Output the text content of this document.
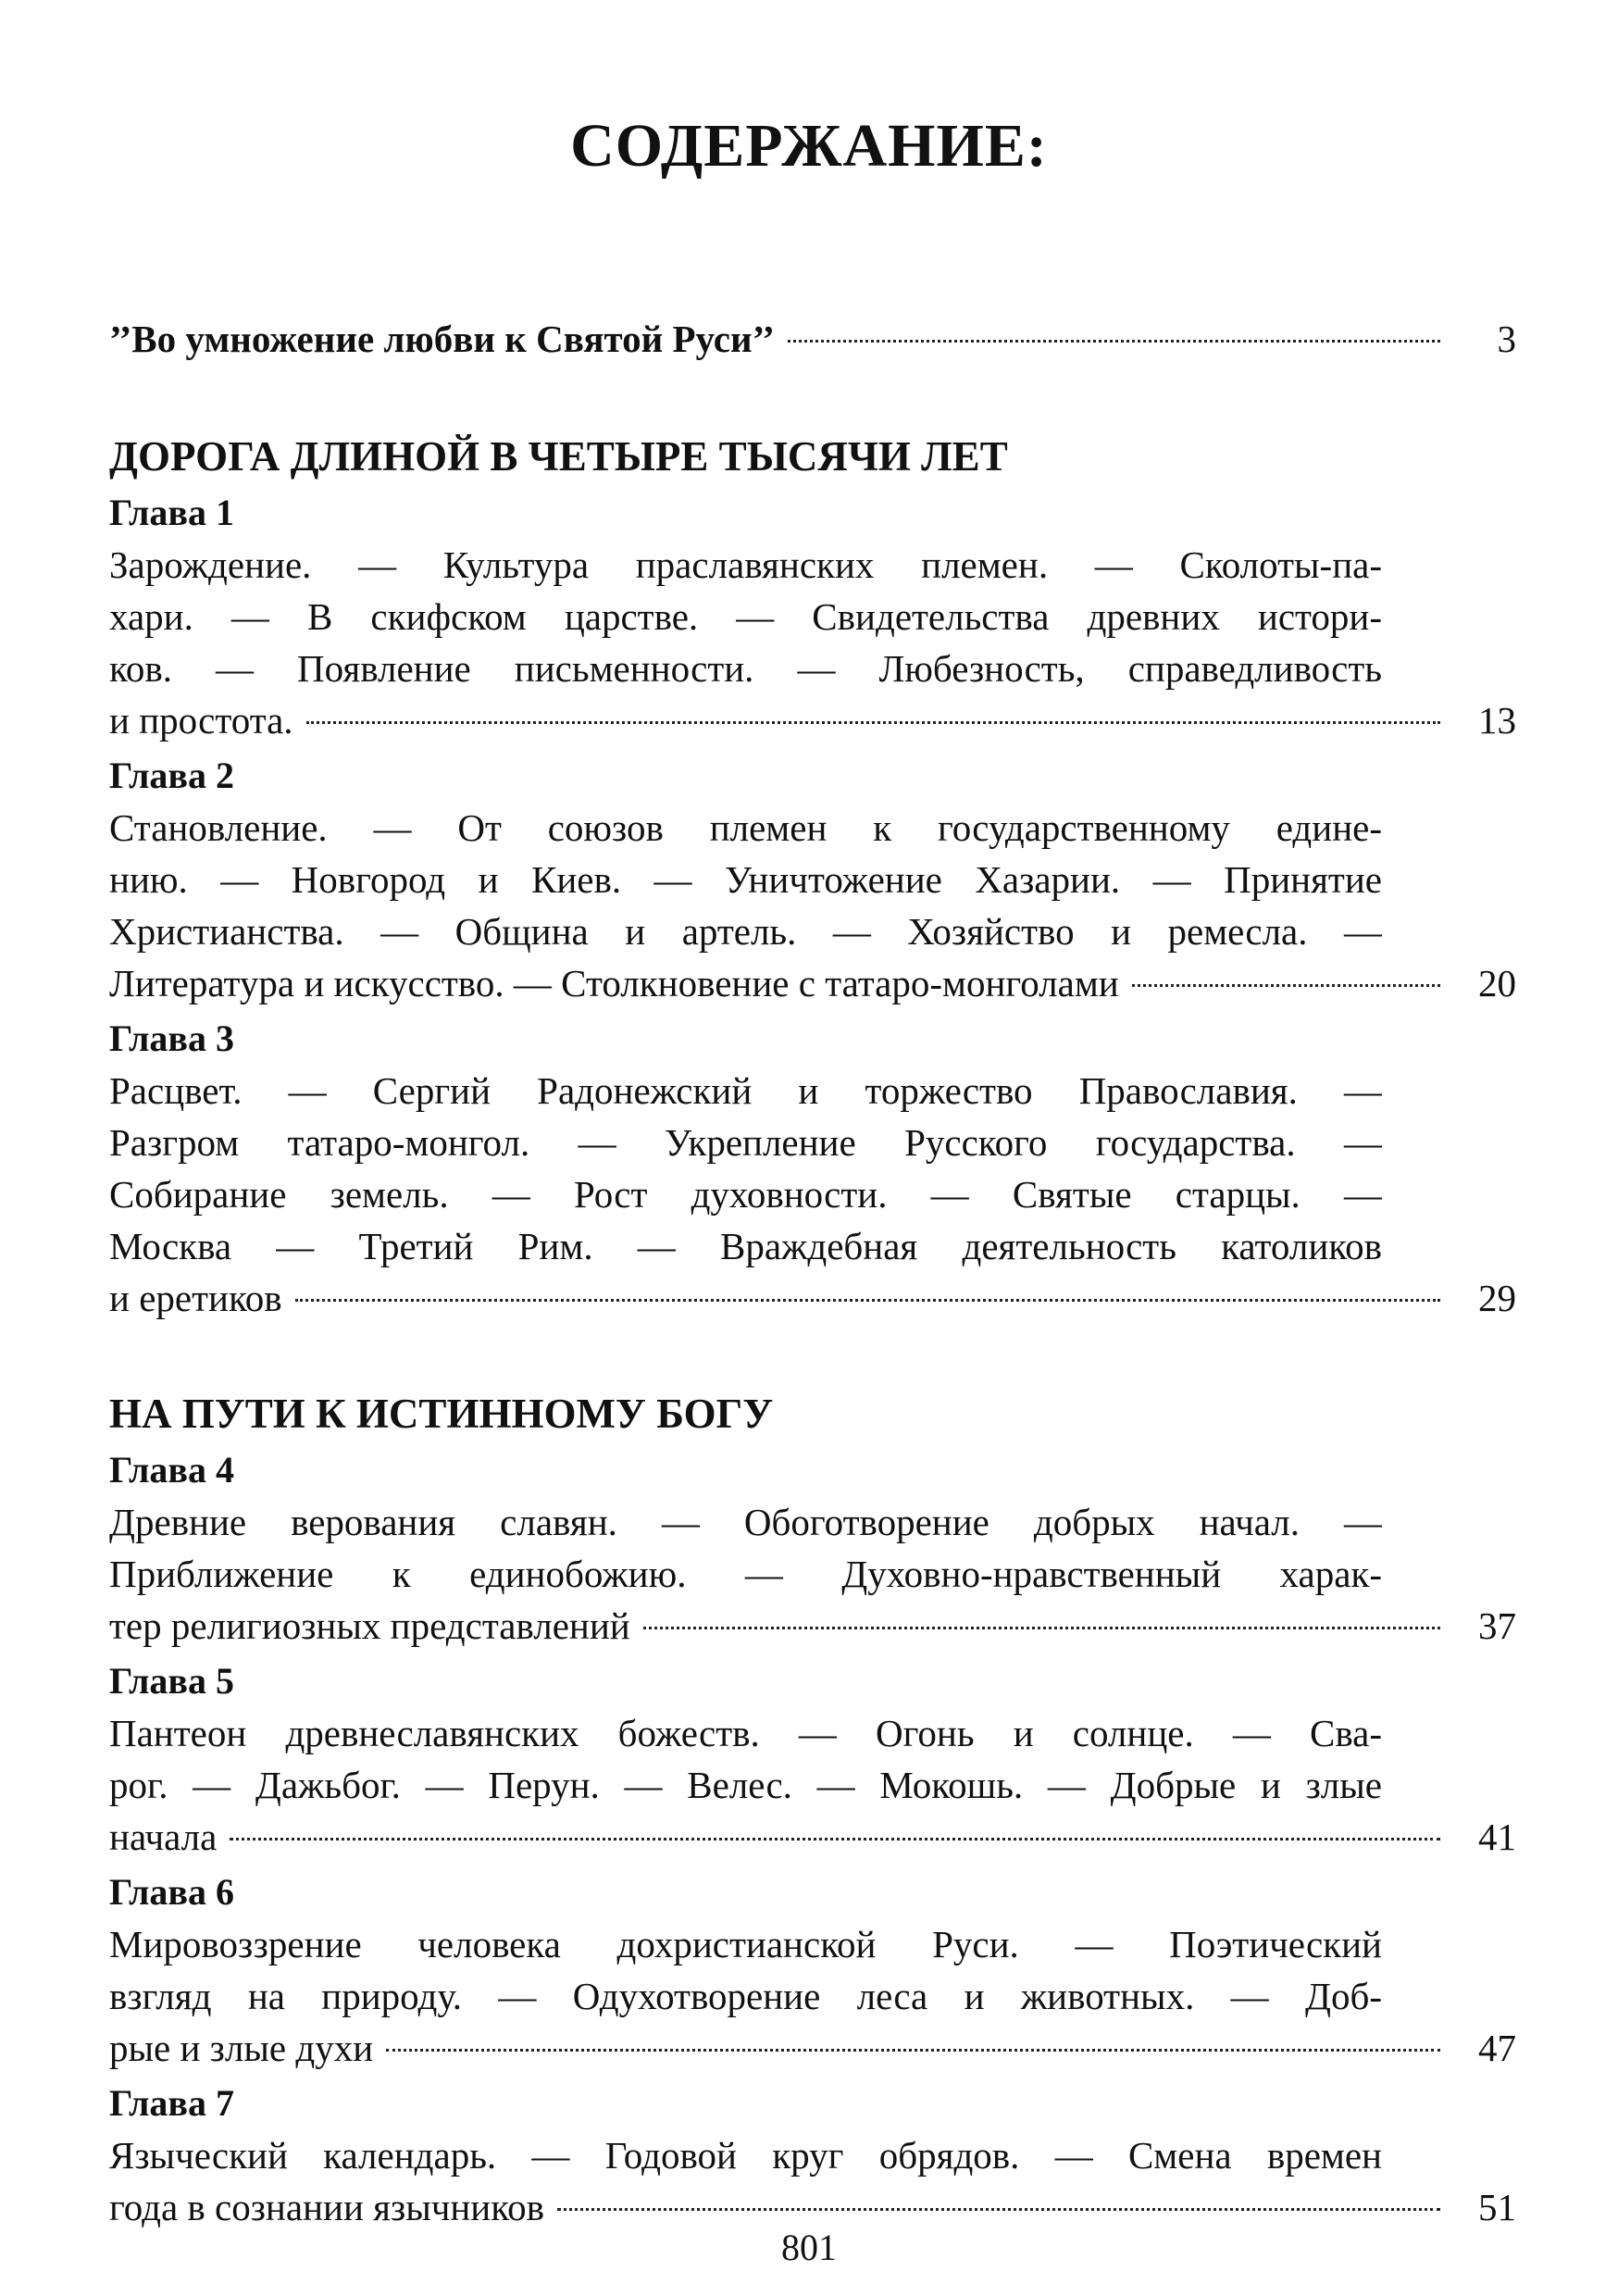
СОДЕРЖАНИЕ:
’’Во умножение любви к Святой Руси’’	3
ДОРОГА ДЛИНОЙ В ЧЕТЫРЕ ТЫСЯЧИ ЛЕТ
Глава 1
Зарождение. — Культура праславянских племен. — Сколоты-па-
хари. — В скифском царстве. — Свидетельства древних истори-
ков. — Появление письменности. — Любезность, справедливость
и простота.	13
Глава 2
Становление. — От союзов племен к государственному едине-
нию. — Новгород и Киев. — Уничтожение Хазарии. — Принятие
Христианства. — Община и артель. — Хозяйство и ремесла. —
Литература и искусство. — Столкновение с татаро-монголами	20
Глава 3
Расцвет. — Сергий Радонежский и торжество Православия. —
Разгром татаро-монгол. — Укрепление Русского государства. —
Собирание земель. — Рост духовности. — Святые старцы. —
Москва — Третий Рим. — Враждебная деятельность католиков
и еретиков	29
НА ПУТИ К ИСТИННОМУ БОГУ
Глава 4
Древние верования славян. — Обоготворение добрых начал. —
Приближение к единобожию. — Духовно-нравственный харак-
тер религиозных представлений	37
Глава 5
Пантеон древнеславянских божеств. — Огонь и солнце. — Сва-
рог. — Дажьбог. — Перун. — Велес. — Мокошь. — Добрые и злые
начала	41
Глава 6
Мировоззрение человека дохристианской Руси. — Поэтический
взгляд на природу. — Одухотворение леса и животных. — Доб-
рые и злые духи	47
Глава 7
Языческий календарь. — Годовой круг обрядов. — Смена времен
года в сознании язычников	51
801
